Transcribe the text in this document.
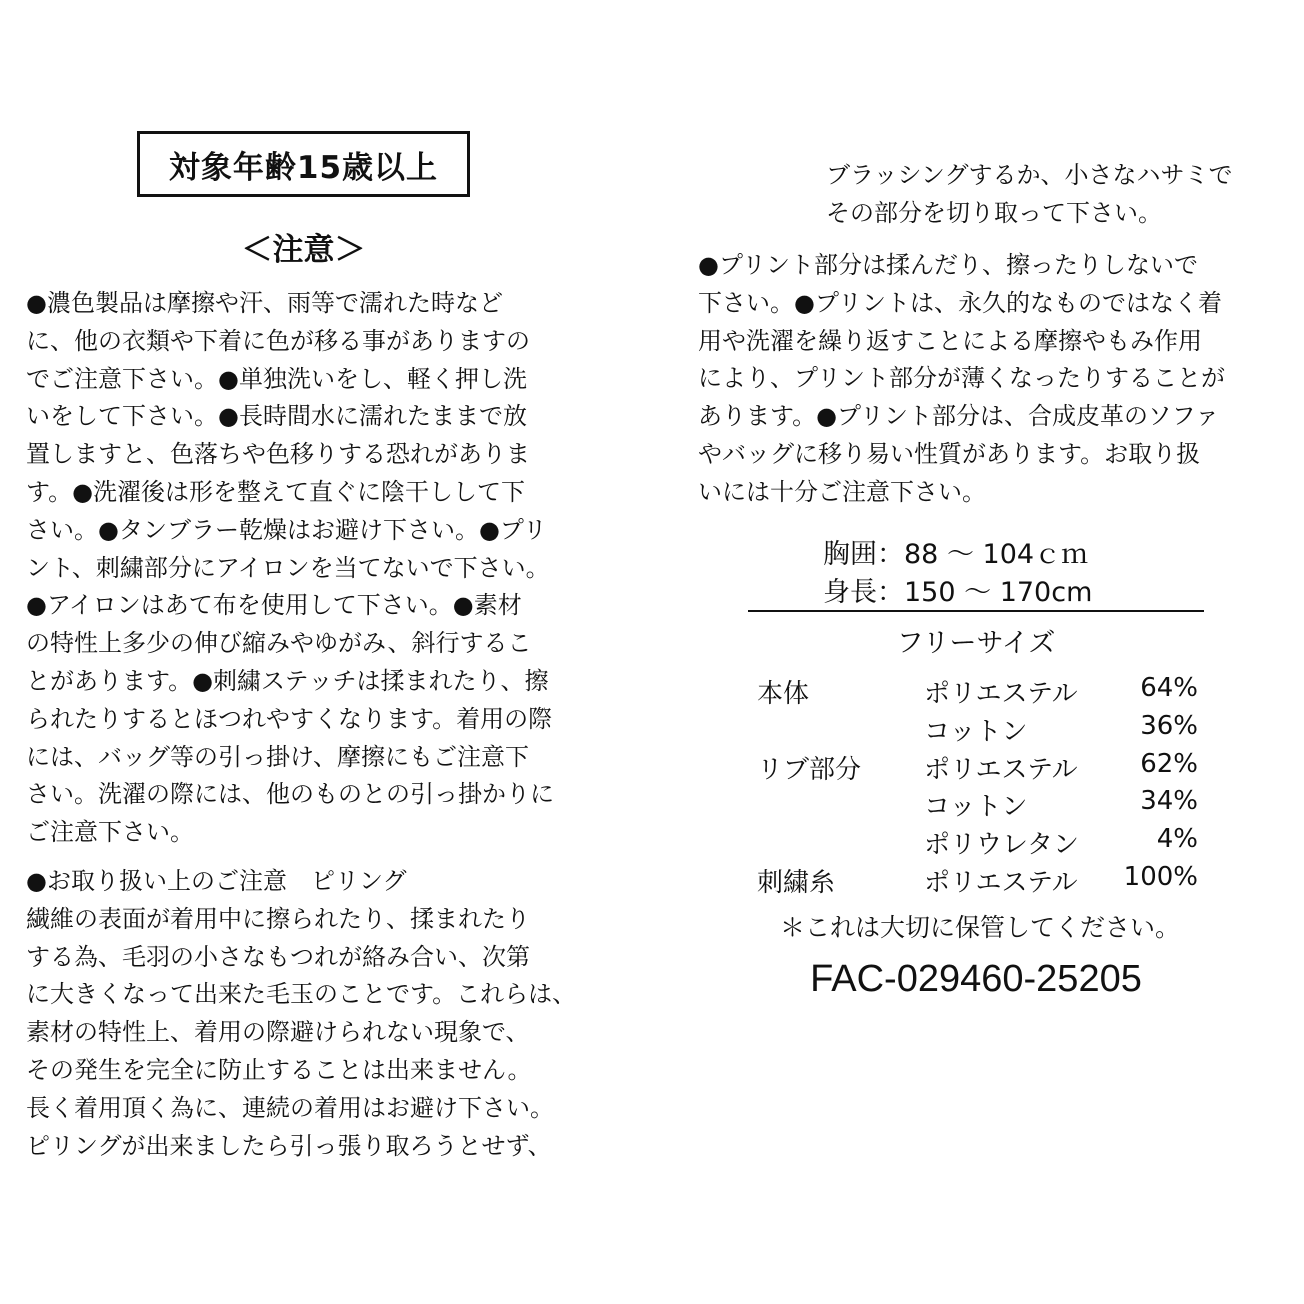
対象年齢15歳以上
＜注意＞
●濃色製品は摩擦や汗、雨等で濡れた時など
に、他の衣類や下着に色が移る事がありますの
でご注意下さい。●単独洗いをし、軽く押し洗
いをして下さい。●長時間水に濡れたままで放
置しますと、色落ちや色移りする恐れがありま
す。●洗濯後は形を整えて直ぐに陰干しして下
さい。●タンブラー乾燥はお避け下さい。●プリ
ント、刺繍部分にアイロンを当てないで下さい。
●アイロンはあて布を使用して下さい。●素材
の特性上多少の伸び縮みやゆがみ、斜行するこ
とがあります。●刺繍ステッチは揉まれたり、擦
られたりするとほつれやすくなります。着用の際
には、バッグ等の引っ掛け、摩擦にもご注意下
さい。洗濯の際には、他のものとの引っ掛かりに
ご注意下さい。
●お取り扱い上のご注意　ピリング
繊維の表面が着用中に擦られたり、揉まれたり
する為、毛羽の小さなもつれが絡み合い、次第
に大きくなって出来た毛玉のことです。これらは、
素材の特性上、着用の際避けられない現象で、
その発生を完全に防止することは出来ません。
長く着用頂く為に、連続の着用はお避け下さい。
ピリングが出来ましたら引っ張り取ろうとせず、
ブラッシングするか、小さなハサミで
その部分を切り取って下さい。
●プリント部分は揉んだり、擦ったりしないで
下さい。●プリントは、永久的なものではなく着
用や洗濯を繰り返すことによる摩擦やもみ作用
により、プリント部分が薄くなったりすることが
あります。●プリント部分は、合成皮革のソファ
やバッグに移り易い性質があります。お取り扱
いには十分ご注意下さい。
胸囲：88 ～ 104ｃｍ
身長：150 ～ 170cm
フリーサイズ
本体	ポリエステル	64%
コットン	36%
リブ部分 ポリエステル	62%
コットン	34%
ポリウレタン	4%
刺繍糸	ポリエステル	100%
＊これは大切に保管してください。
FAC-029460-25205
